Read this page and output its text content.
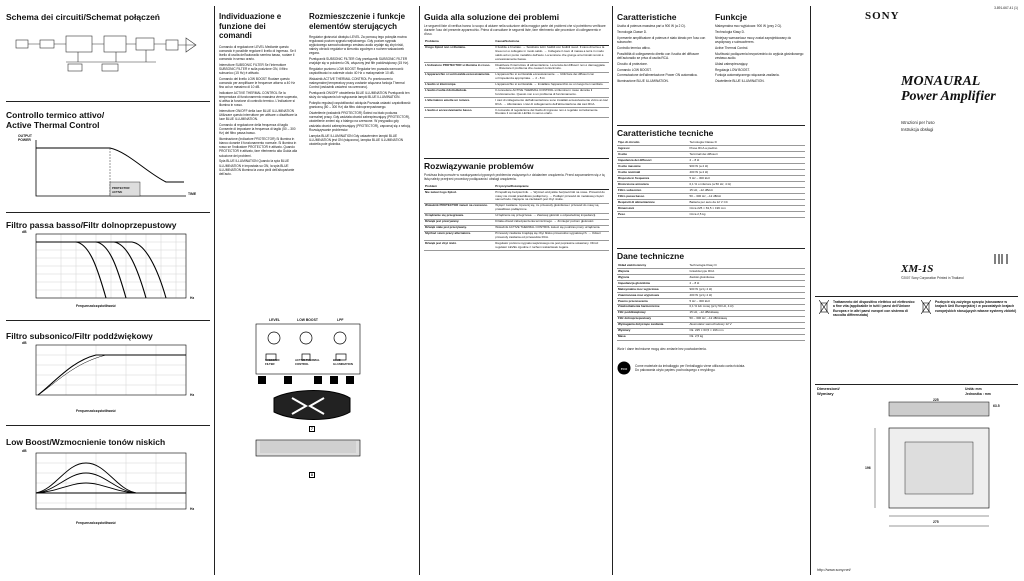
Schema dei circuiti/Schemat połączeń
Controllo termico attivo/
Active Thermal Control
OUTPUT POWER
PROTECTOR ACTIVE	TIME
Filtro passa basso/Filtr dolnoprzepustowy
dB
Hz
Frequenza/częstotliwość
Filtro subsonico/Filtr poddźwiękowy
dB
Hz
Frequenza/częstotliwość
Low Boost/Wzmocnienie tonów niskich
dB
Hz
Frequenza/częstotliwość
Individuazione e funzione dei comandi

Comando di regolazione LEVEL Mediante questo comando è possibile regolare il livello di ingresso. Se il livello di uscita dell'autoradio sembra basso, ruotare il comando in senso orario.

Interruttore SUBSONIC FILTER Se l'interruttore SUBSONIC FILTER è sulla posizione ON, il filtro subsonico (15 Hz) è attivato.

Comando del livello LOW BOOST Ruotare questo comando per amplificare le frequenze attorno a 40 Hz fino ad un massimo di 10 dB.

Indicatore ACTIVE THERMAL CONTROL Se la temperatura di funzionamento massima viene superata, si attiva la funzione di controllo termico. L'indicatore si illumina in rosso.

Interruttore ON/OFF della luce BLUE ILLUMINATION Utilizzare questo interruttore per attivare o disattivare la luce BLUE ILLUMINATION.

Comando di regolazione della frequenza di taglio Consente di impostare la frequenza di taglio (50 – 300 Hz) del filtro passa basso.

Illuminazione (Indicatore PROTECTOR) Si illumina in bianco durante il funzionamento normale. Si illumina in rosso se l'indicatore PROTECTOR è attivato. Quando PROTECTOR è attivato, fare riferimento alla Guida alla soluzione dei problemi.

Spia BLUE ILLUMINATION Quando la spia BLUE ILLUMINATION è impostata su ON, la spia BLUE ILLUMINATION illumina la zona pinili dell'altoparlante dell'auto.

Rozmieszczenie i funkcje elementów sterujących

Regulator głośności dźwięku LEVEL Za pomocą tego pokrętła można regulować poziom sygnału wejściowego. Gdy poziom sygnału wyjściowego samochodowego zestawu audio wydaje się zbyt niski, należy obrócić regulator w kierunku zgodnym z ruchem wskazówek zegara.

Przełącznik SUBSONIC FILTER Gdy przełącznik SUBSONIC FILTER znajduje się w położeniu ON, włączony jest filtr poddźwiękowy (15 Hz).

Regulator poziomu LOW BOOST Regulator ten pozwala wzmocnić częstotliwości w zakresie około 40 Hz o maksymalnie 10 dB.

Wskaźnik ACTIVE THERMAL CONTROL Po przekroczeniu maksymalnej temperatury pracy zostanie włączona funkcja Thermal Control (wskaźnik zaświeci na czerwono).

Przełącznik ON/OFF oświetlenia BLUE ILLUMINATION Przełącznik ten służy do włączania lub wyłączania lampki BLUE ILLUMINATION.

Pokrętło regulacji częstotliwości odcięcia Pozwala ustawić częstotliwość graniczną (50 – 300 Hz) dla filtru dolnoprzepustowego.

Oświetlenie (wskaźnik PROTECTOR) Świeci na biało podczas normalnej pracy. Gdy zadziała obwód zabezpieczający (PROTECTOR), oświetlenie zmieni się z białego na czerwone. W przypadku gdy zadziała obwód zabezpieczający (PROTECTOR), zapoznaj się z sekcją Rozwiązywanie problemów.

Lampka BLUE ILLUMINATION Gdy ustawieniem lampki BLUE ILLUMINATION jest ON (włączona), lampka BLUE ILLUMINATION oświetla pole głośnika.

LEVEL	LOW BOOST	LPF
SUBSONIC FILTER
ACTIVE THERMAL CONTROL
BLUE ILLUMINATION
7
8
Guida alla soluzione dei problemi
Le seguenti liste di verifica hanno lo scopo di aiutare nella soluzione della maggior parte dei problemi che si potrebbero verificare durante l'uso del presente apparecchio. Prima di consultare le seguenti liste, fare riferimento alle procedure di collegamento e d'uso.
Problema	Causa/Soluzione
Il logo Xplod non si illumina.	Il fusibile è bruciato. → Sostituire tutti i fusibili con fusibili nuovi. Il cavo di terra e la linea non è collegato in modo saldo. → Collegare il cavo di massa a terra in modo saldo ad un punto metallico dell'auto. La tensione che giunge ai terminali remoti è eccessivamente bassa.
L'indicatore PROTECTOR si illumina in rosso.	Disattivare l'interruttore di alimentazione. La tenuta dei diffusori non è danneggiata. → Riavviare il problema che causa il cortocircuito.
L'apparecchio si surriscalda eccessivamente.	L'apparecchio si surriscalda eccessivamente. → Utilizzare dei diffusori con un'impedenza appropriata. → 2 - 8 Ω.
L'audio si interrompe.	L'apparecchio si surriscalda. → Installare l'apparecchio su un luogo ben ventilato.
L'audio risulta ridotto/debole.	Il connettore ACTIVE THERMAL CONTROL si illumina in rosso durante il funzionamento. Questo non è un problema di funzionamento.
L'alternatore emette un rumore.	I cavi di collegamento dell'alimentazione sono installati eccessivamente vicino ai cavi RCA. → Allontanare i cavi di collegamento dell'alimentazione dai cavi RCA.
L'audio è eccessivamente basso.	Il comando di regolazione del livello di ingresso non è regolato correttamente. Ruotare il comando LEVEL in senso orario.
Rozwiązywanie problemów
Poniższa lista pomoże w rozwiązywaniu typowych problemów związanych z działaniem urządzenia. Przed zapoznaniem się z tą listą należy przejrzeć procedury podłączania i obsługi urządzenia.
Problem	Przyczyna/Rozwiązanie
Nie świeci logo Xplod.	Przepalił się bezpiecznik. → Wymień wszystkie bezpieczniki na nowe. Przewód do masy nie został prawidłowo podłączony. → Podłącz przewód do metalowej części samochodu. Napięcie na zaciskach jest zbyt niskie.
Wskaźnik PROTECTOR świeci na czerwono.	Wyłącz zasilanie. Upewnij się, że przewody głośnikowe i przewód do masy są prawidłowo podłączone.
Urządzenie się przegrzewa.	Urządzenie się przegrzewa. → Zastosuj głośniki o odpowiedniej impedancji.
Dźwięk jest przerywany.	Działa obwód zabezpieczenia termicznego. → Zmniejsz poziom głośności.
Dźwięk stale jest przerywany.	Wskaźnik ACTIVE THERMAL CONTROL świeci się podczas pracy urządzenia.
Słychać szum pracy alternatora.	Przewody zasilania znajdują się zbyt blisko przewodów sygnałowych. → Odsuń przewody zasilania od przewodów RCA.
Dźwięk jest zbyt niski.	Regulator poziomu sygnału wejściowego nie jest poprawnie ustawiony. Obróć regulator LEVEL zgodnie z ruchem wskazówek zegara.
Caratteristiche

Uscita di potenza massima pari a 900 W (a 2 Ω).

Tecnologia Classe D.

Il presente amplificatore di potenza è stato ideato per l'uso con subwoofer.

Controllo termico attivo.

Possibilità di collegamento diretto con l'uscita del diffusore dell'autoradio se priva di uscita RCA.

Circuito di protezione.

Comando LOW BOOST.

Commutazione dell'alimentazione Power ON automatica.

Illuminazione BLUE ILLUMINATION.

Funkcje

Maksymalna moc wyjściowa: 900 W (przy 2 Ω).

Technologia Klasy D.

Niniejszy wzmacniacz mocy został zaprojektowany do współpracy z subwooferem.

Active Thermal Control.

Możliwość podłączenia bezpośrednio do wyjścia głośnikowego zestawu audio.

Układ zabezpieczający.

Regulacja LOW BOOST.

Funkcja automatycznego włączania zasilania.

Oświetlenie BLUE ILLUMINATION.

Caratteristiche tecniche
Tipo di circuito	Tecnologia Classe D
Ingressi	Prese RCA a piedino
Uscite	Terminali dei diffusori
Impedenza dei diffusori	2 – 8 Ω
Uscite massime	900 W (a 2 Ω)
Uscite nominali	400 W (a 2 Ω)
Risposta in frequenza	5 Hz – 300 kHz
Distorsione armonica	0,1 % o inferiore (a 50 Hz, 4 Ω)
Filtro subsonico	15 Hz, –12 dB/ott
Filtro passa basso	50 – 300 Hz, –12 dB/ott
Requisiti di alimentazione	Batteria per auto da 12 V CC
Dimensioni	Circa 225 × 63,5 × 196 mm
Peso	Circa 2,5 kg
Dane techniczne
Układ elektroniczny	Technologia Klasy D
Wejścia	Gniazda typu RCA
Wyjścia	Zaciski głośnikowe
Impedancja głośników	2 – 8 Ω
Maksymalna moc wyjściowa	900 W (przy 2 Ω)
Znamionowa moc wyjściowa	400 W (przy 2 Ω)
Pasmo przenoszenia	5 Hz – 300 kHz
Zniekształcenia harmoniczne	0,1 % lub mniej (przy 50 Hz, 4 Ω)
Filtr poddźwiękowy	15 Hz, –12 dB/oktawę
Filtr dolnoprzepustowy	50 – 300 Hz, –12 dB/oktawę
Wymagania dotyczące zasilania	Akumulator samochodowy 12 V
Wymiary	Ok. 225 × 63,5 × 196 mm
Masa	Ok. 2,5 kg
Wzór i dane techniczne mogą ulec zmianie bez powiadomienia.
eco
Come materiale da imballaggio per l'imballaggio viene utilizzato carta riciclata.
Do pakowania użyto papieru pochodzącego z recyklingu.
3-891-667-41 (1)
SONY
MONAURAL
Power Amplifier
Istruzioni per l'uso
Instrukcja obsługi
XM-1S
©2007 Sony Corporation Printed in Thailand
Trattamento del dispositivo elettrico od elettronico a fine vita (applicabile in tutti i paesi dell'Unione Europea e in altri paesi europei con sistema di raccolta differenziata)
Pozbycie się zużytego sprzętu (stosowane w krajach Unii Europejskiej i w pozostałych krajach europejskich stosujących własne systemy zbiórki)
Dimensioni/
Wymiary
Unità: mm
Jednostka : mm
225
63.5
196
275
http://www.sony.net/
